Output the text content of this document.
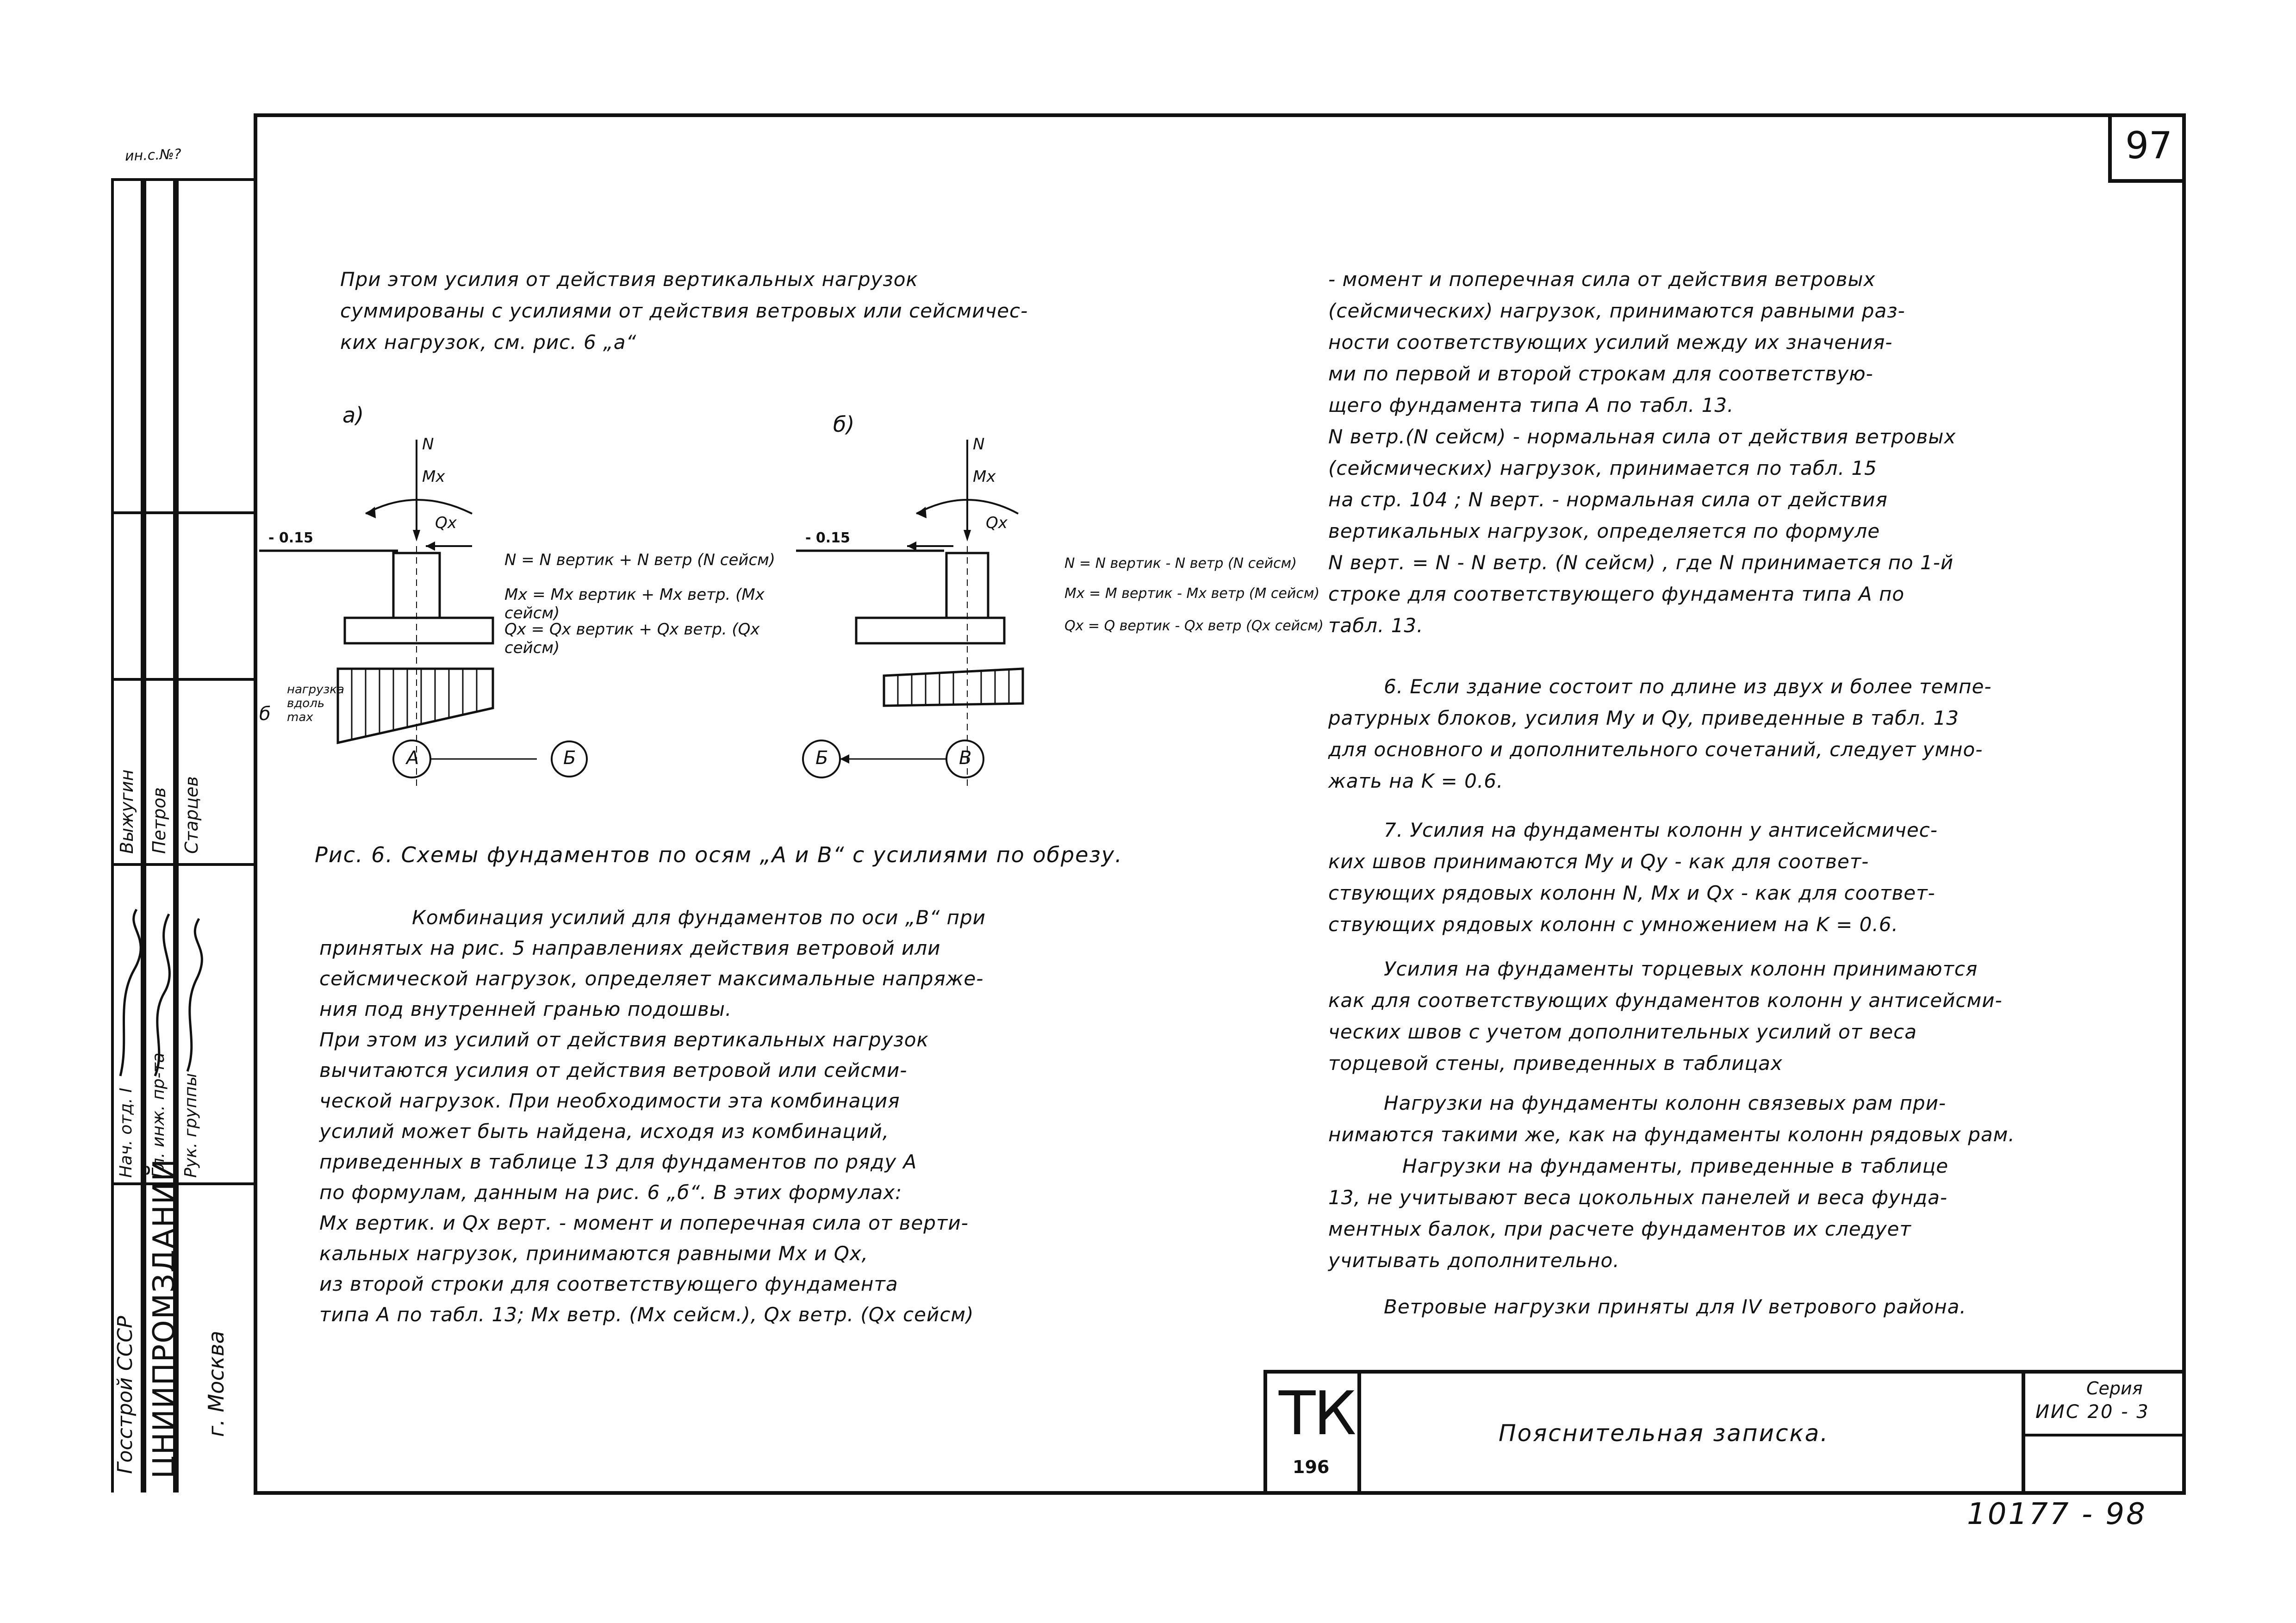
ин.с.№?	97
Госстрой СССР ЦНИИПРОМЗДАНИЙ г. Москва
Нач. отд. I Гл. инж. пр-та Рук. группы
Выжугин Петров Старцев
При этом усилия от действия вертикальных нагрузок
суммированы с усилиями от действия ветровых или сейсмичес-
ких нагрузок, см. рис. 6 „а“
а)
N
Mx
Qx
- 0.15
б
нагрузка
вдоль
max
А	Б
N = N вертик + N ветр (N сейсм)
Mx = Mx вертик + Mx ветр. (Mx сейсм)
Qx = Qx вертик + Qx ветр. (Qx сейсм)
б)
N
Mx
Qx
- 0.15
Б	В
N = N вертик - N ветр (N сейсм)
Mx = M вертик - Mx ветр (M сейсм)
Qx = Q вертик - Qx ветр (Qx сейсм)
Рис. 6. Схемы фундаментов по осям „А и В“ с усилиями по обрезу.
Комбинация усилий для фундаментов по оси „В“ при
принятых на рис. 5 направлениях действия ветровой или
сейсмической нагрузок, определяет максимальные напряже-
ния под внутренней гранью подошвы.
При этом из усилий от действия вертикальных нагрузок
вычитаются усилия от действия ветровой или сейсми-
ческой нагрузок. При необходимости эта комбинация
усилий может быть найдена, исходя из комбинаций,
приведенных в таблице 13 для фундаментов по ряду А
по формулам, данным на рис. 6 „б“. В этих формулах:
Mx вертик. и Qx верт. - момент и поперечная сила от верти-
кальных нагрузок, принимаются равными Mx и Qx,
из второй строки для соответствующего фундамента
типа А по табл. 13; Mx ветр. (Mx сейсм.), Qx ветр. (Qx сейсм)
- момент и поперечная сила от действия ветровых
(сейсмических) нагрузок, принимаются равными раз-
ности соответствующих усилий между их значения-
ми по первой и второй строкам для соответствую-
щего фундамента типа А по табл. 13.
N ветр.(N сейсм) - нормальная сила от действия ветровых
(сейсмических) нагрузок, принимается по табл. 15
на стр. 104 ; N верт. - нормальная сила от действия
вертикальных нагрузок, определяется по формуле
N верт. = N - N ветр. (N сейсм) , где N принимается по 1-й
строке для соответствующего фундамента типа А по
табл. 13.
6. Если здание состоит по длине из двух и более темпе-
ратурных блоков, усилия My и Qy, приведенные в табл. 13
для основного и дополнительного сочетаний, следует умно-
жать на K = 0.6.
7. Усилия на фундаменты колонн у антисейсмичес-
ких швов принимаются My и Qy - как для соответ-
ствующих рядовых колонн N, Mx и Qx - как для соответ-
ствующих рядовых колонн с умножением на K = 0.6.
Усилия на фундаменты торцевых колонн принимаются
как для соответствующих фундаментов колонн у антисейсми-
ческих швов с учетом дополнительных усилий от веса
торцевой стены, приведенных в таблицах
Нагрузки на фундаменты колонн связевых рам при-
нимаются такими же, как на фундаменты колонн рядовых рам.
Нагрузки на фундаменты, приведенные в таблице
13, не учитывают веса цокольных панелей и веса фунда-
ментных балок, при расчете фундаментов их следует
учитывать дополнительно.
Ветровые нагрузки приняты для IV ветрового района.
ТК
196
Пояснительная записка.
Серия
ИИС 20 - 3
10177 - 98
